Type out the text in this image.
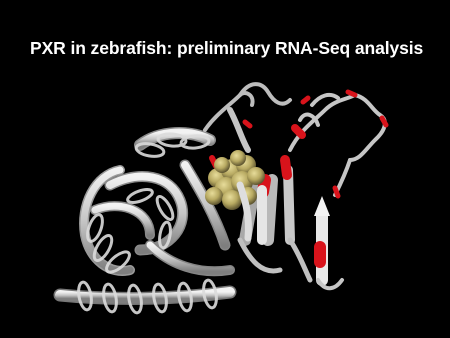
PXR in zebrafish: preliminary RNA-Seq analysis
